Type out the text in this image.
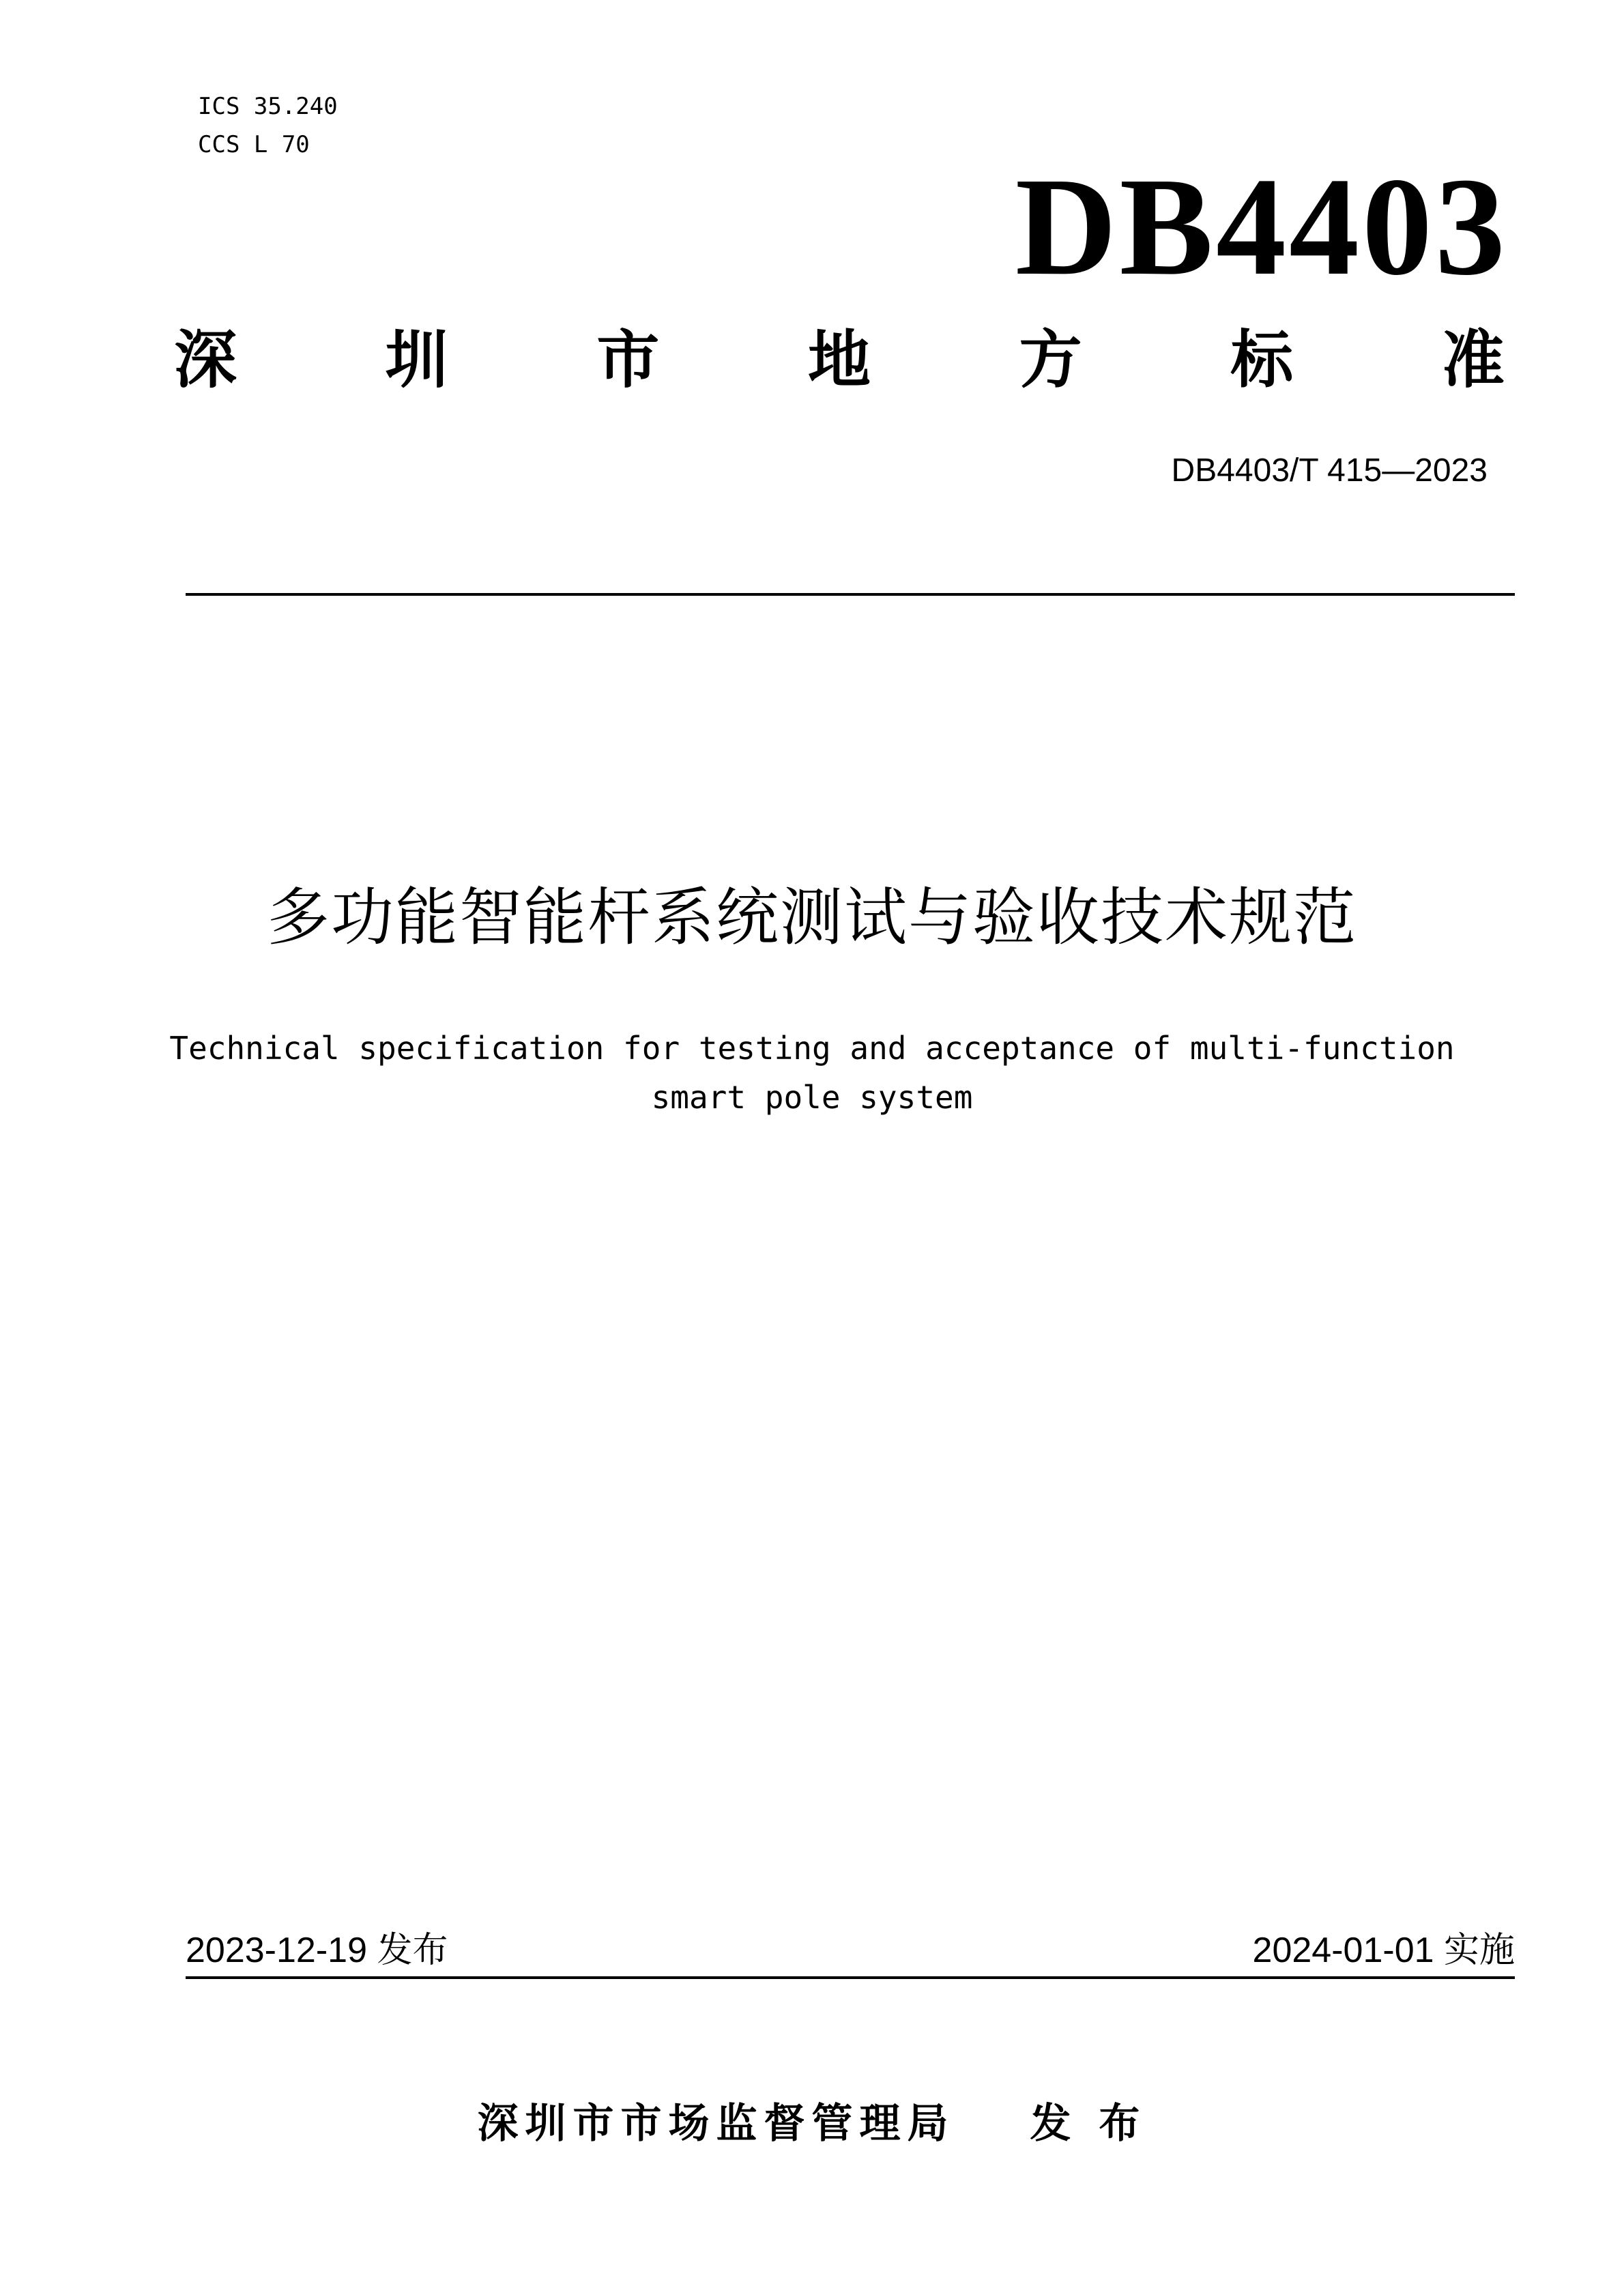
ICS 35.240
CCS L 70
DB4403
深 圳 市 地 方 标 准
DB4403/T 415—2023
多功能智能杆系统测试与验收技术规范
Technical specification for testing and acceptance of multi-function
smart pole system
2023-12-19 发布	2024-01-01 实施
深圳市市场监督管理局 发 布
